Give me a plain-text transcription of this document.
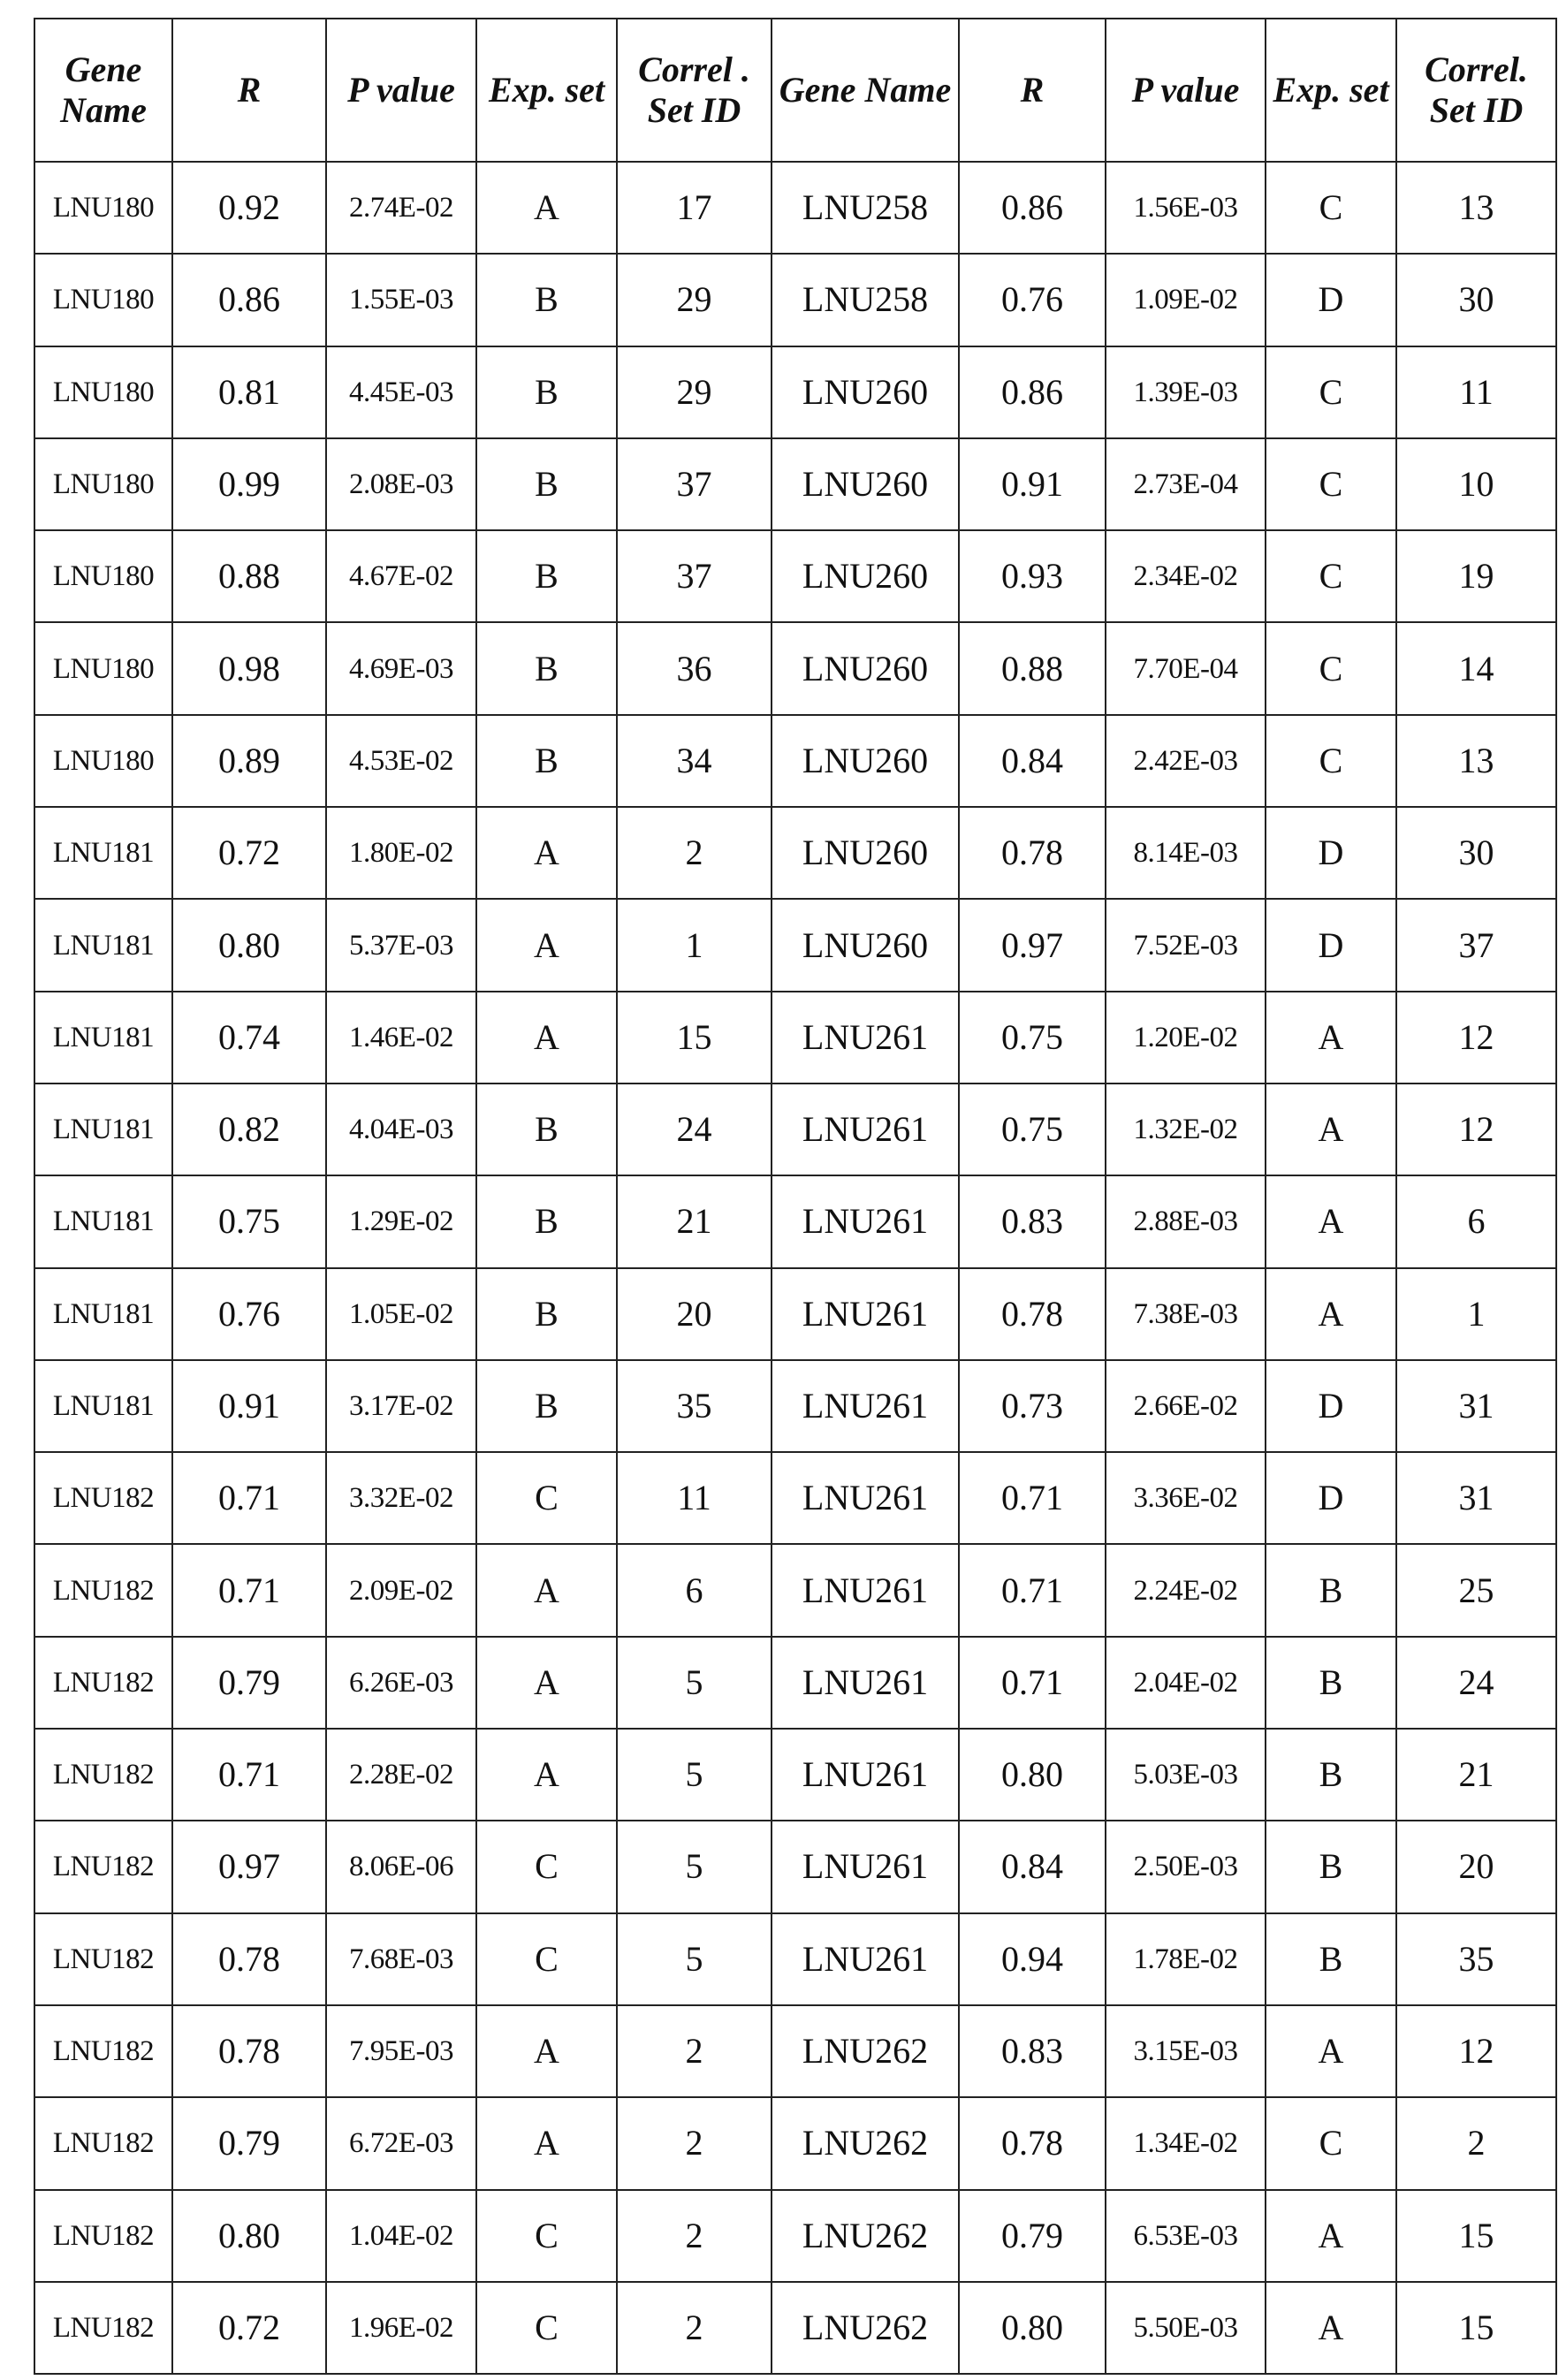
Gene Name	R	P value	Exp. set	Correl . Set ID	Gene Name	R	P value	Exp. set	Correl. Set ID
LNU180	0.92	2.74E-02	A	17	LNU258	0.86	1.56E-03	C	13
LNU180	0.86	1.55E-03	B	29	LNU258	0.76	1.09E-02	D	30
LNU180	0.81	4.45E-03	B	29	LNU260	0.86	1.39E-03	C	11
LNU180	0.99	2.08E-03	B	37	LNU260	0.91	2.73E-04	C	10
LNU180	0.88	4.67E-02	B	37	LNU260	0.93	2.34E-02	C	19
LNU180	0.98	4.69E-03	B	36	LNU260	0.88	7.70E-04	C	14
LNU180	0.89	4.53E-02	B	34	LNU260	0.84	2.42E-03	C	13
LNU181	0.72	1.80E-02	A	2	LNU260	0.78	8.14E-03	D	30
LNU181	0.80	5.37E-03	A	1	LNU260	0.97	7.52E-03	D	37
LNU181	0.74	1.46E-02	A	15	LNU261	0.75	1.20E-02	A	12
LNU181	0.82	4.04E-03	B	24	LNU261	0.75	1.32E-02	A	12
LNU181	0.75	1.29E-02	B	21	LNU261	0.83	2.88E-03	A	6
LNU181	0.76	1.05E-02	B	20	LNU261	0.78	7.38E-03	A	1
LNU181	0.91	3.17E-02	B	35	LNU261	0.73	2.66E-02	D	31
LNU182	0.71	3.32E-02	C	11	LNU261	0.71	3.36E-02	D	31
LNU182	0.71	2.09E-02	A	6	LNU261	0.71	2.24E-02	B	25
LNU182	0.79	6.26E-03	A	5	LNU261	0.71	2.04E-02	B	24
LNU182	0.71	2.28E-02	A	5	LNU261	0.80	5.03E-03	B	21
LNU182	0.97	8.06E-06	C	5	LNU261	0.84	2.50E-03	B	20
LNU182	0.78	7.68E-03	C	5	LNU261	0.94	1.78E-02	B	35
LNU182	0.78	7.95E-03	A	2	LNU262	0.83	3.15E-03	A	12
LNU182	0.79	6.72E-03	A	2	LNU262	0.78	1.34E-02	C	2
LNU182	0.80	1.04E-02	C	2	LNU262	0.79	6.53E-03	A	15
LNU182	0.72	1.96E-02	C	2	LNU262	0.80	5.50E-03	A	15
